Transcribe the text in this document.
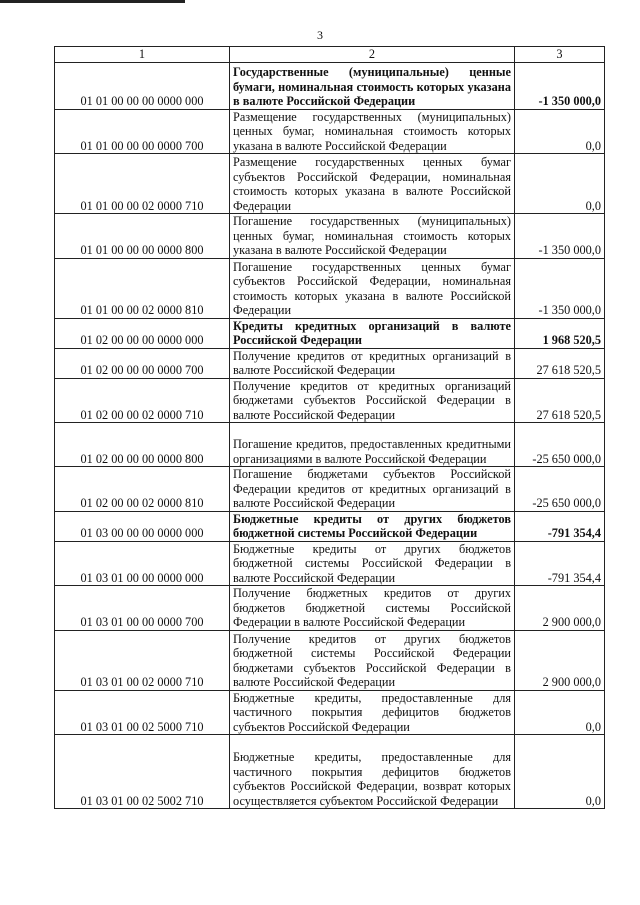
3
1	2	3
01 01 00 00 00 0000 000	Государственные (муниципальные) ценные бумаги, номинальная стоимость которых указана в валюте Российской Федерации	-1 350 000,0
01 01 00 00 00 0000 700	Размещение государственных (муниципальных) ценных бумаг, номинальная стоимость которых указана в валюте Российской Федерации	0,0
01 01 00 00 02 0000 710	Размещение государственных ценных бумаг субъектов Российской Федерации, номинальная стоимость которых указана в валюте Российской Федерации	0,0
01 01 00 00 00 0000 800	Погашение государственных (муниципальных) ценных бумаг, номинальная стоимость которых указана в валюте Российской Федерации	-1 350 000,0
01 01 00 00 02 0000 810	Погашение государственных ценных бумаг субъектов Российской Федерации, номинальная стоимость которых указана в валюте Российской Федерации	-1 350 000,0
01 02 00 00 00 0000 000	Кредиты кредитных организаций в валюте Российской Федерации	1 968 520,5
01 02 00 00 00 0000 700	Получение кредитов от кредитных организаций в валюте Российской Федерации	27 618 520,5
01 02 00 00 02 0000 710	Получение кредитов от кредитных организаций бюджетами субъектов Российской Федерации в валюте Российской Федерации	27 618 520,5
01 02 00 00 00 0000 800	Погашение кредитов, предоставленных кредитными организациями в валюте Российской Федерации	-25 650 000,0
01 02 00 00 02 0000 810	Погашение бюджетами субъектов Российской Федерации кредитов от кредитных организаций в валюте Российской Федерации	-25 650 000,0
01 03 00 00 00 0000 000	Бюджетные кредиты от других бюджетов бюджетной системы Российской Федерации	-791 354,4
01 03 01 00 00 0000 000	Бюджетные кредиты от других бюджетов бюджетной системы Российской Федерации в валюте Российской Федерации	-791 354,4
01 03 01 00 00 0000 700	Получение бюджетных кредитов от других бюджетов бюджетной системы Российской Федерации в валюте Российской Федерации	2 900 000,0
01 03 01 00 02 0000 710	Получение кредитов от других бюджетов бюджетной системы Российской Федерации бюджетами субъектов Российской Федерации в валюте Российской Федерации	2 900 000,0
01 03 01 00 02 5000 710	Бюджетные кредиты, предоставленные для частичного покрытия дефицитов бюджетов субъектов Российской Федерации	0,0
01 03 01 00 02 5002 710	Бюджетные кредиты, предоставленные для частичного покрытия дефицитов бюджетов субъектов Российской Федерации, возврат которых осуществляется субъектом Российской Федерации	0,0
